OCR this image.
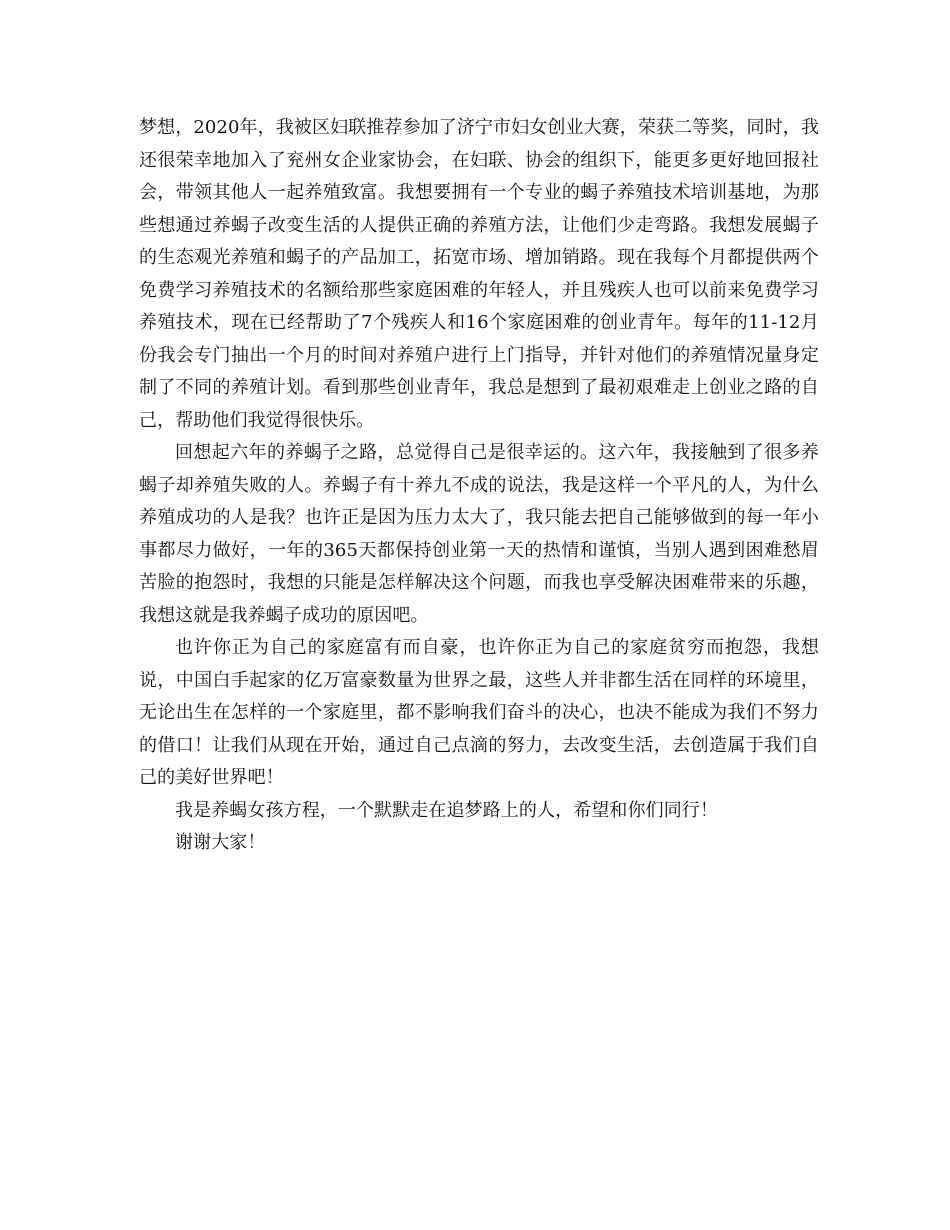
梦想，2020年，我被区妇联推荐参加了济宁市妇女创业大赛，荣获二等奖，同时，我还很荣幸地加入了兖州女企业家协会，在妇联、协会的组织下，能更多更好地回报社会，带领其他人一起养殖致富。我想要拥有一个专业的蝎子养殖技术培训基地，为那些想通过养蝎子改变生活的人提供正确的养殖方法，让他们少走弯路。我想发展蝎子的生态观光养殖和蝎子的产品加工，拓宽市场、增加销路。现在我每个月都提供两个免费学习养殖技术的名额给那些家庭困难的年轻人，并且残疾人也可以前来免费学习养殖技术，现在已经帮助了7个残疾人和16个家庭困难的创业青年。每年的11-12月份我会专门抽出一个月的时间对养殖户进行上门指导，并针对他们的养殖情况量身定制了不同的养殖计划。看到那些创业青年，我总是想到了最初艰难走上创业之路的自己，帮助他们我觉得很快乐。

回想起六年的养蝎子之路，总觉得自己是很幸运的。这六年，我接触到了很多养蝎子却养殖失败的人。养蝎子有十养九不成的说法，我是这样一个平凡的人，为什么养殖成功的人是我？也许正是因为压力太大了，我只能去把自己能够做到的每一年小事都尽力做好，一年的365天都保持创业第一天的热情和谨慎，当别人遇到困难愁眉苦脸的抱怨时，我想的只能是怎样解决这个问题，而我也享受解决困难带来的乐趣，我想这就是我养蝎子成功的原因吧。

也许你正为自己的家庭富有而自豪，也许你正为自己的家庭贫穷而抱怨，我想说，中国白手起家的亿万富豪数量为世界之最，这些人并非都生活在同样的环境里，无论出生在怎样的一个家庭里，都不影响我们奋斗的决心，也决不能成为我们不努力的借口！让我们从现在开始，通过自己点滴的努力，去改变生活，去创造属于我们自己的美好世界吧！

我是养蝎女孩方程，一个默默走在追梦路上的人，希望和你们同行！

谢谢大家！
